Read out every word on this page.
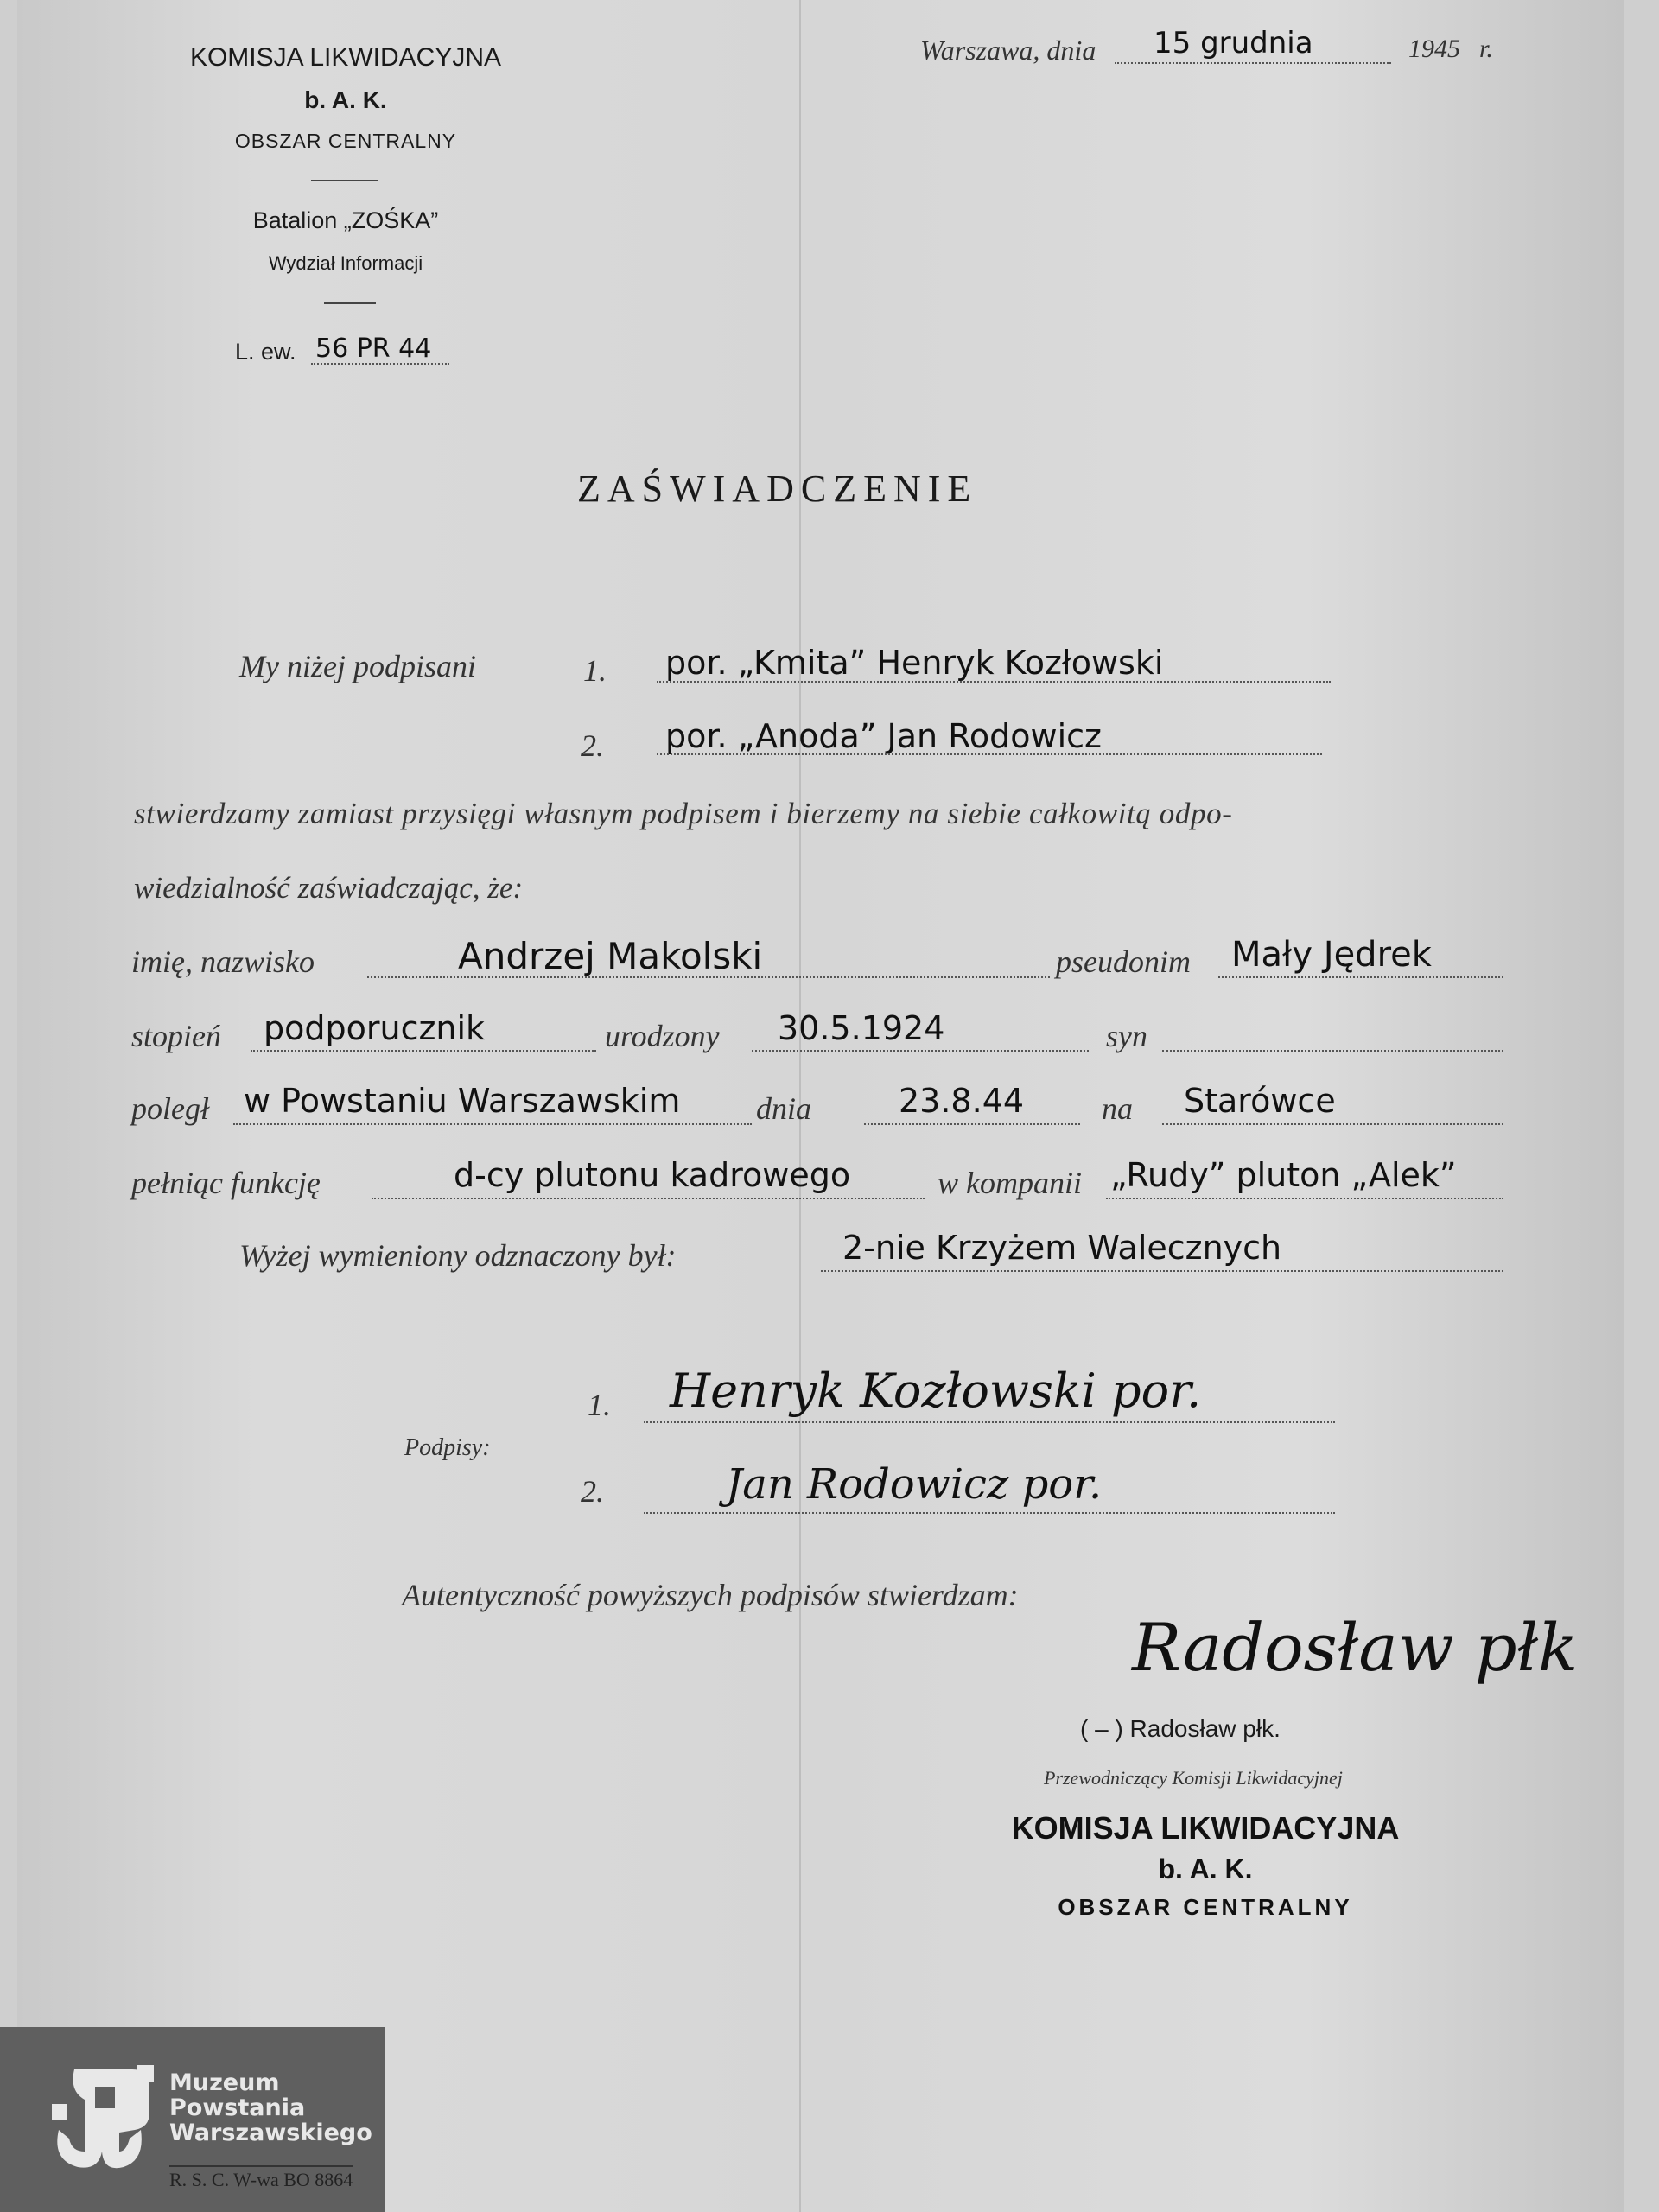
KOMISJA LIKWIDACYJNA
b. A. K.
OBSZAR CENTRALNY
Batalion „ZOŚKA”
Wydział Informacji
L. ew. 56 PR 44
Warszawa, dnia 15 grudnia	1945 r.
ZAŚWIADCZENIE
My niżej podpisani	1. por. „Kmita” Henryk Kozłowski
2. por. „Anoda” Jan Rodowicz
stwierdzamy zamiast przysięgi własnym podpisem i bierzemy na siebie całkowitą odpo-
wiedzialność zaświadczając, że:
imię, nazwisko	Andrzej Makolski	pseudonim Mały Jędrek
stopień podporucznik	urodzony 30.5.1924	syn
poległ w Powstaniu Warszawskim dnia	23.8.44 na Starówce
pełniąc funkcję	d-cy plutonu kadrowego	w kompanii „Rudy” pluton „Alek”
Wyżej wymieniony odznaczony był:	2-nie Krzyżem Walecznych
1. Henryk Kozłowski por.
Podpisy:
2.	Jan Rodowicz por.
Autentyczność powyższych podpisów stwierdzam:
Radosław płk
( – ) Radosław płk.
Przewodniczący Komisji Likwidacyjnej
KOMISJA LIKWIDACYJNA
b. A. K.
OBSZAR CENTRALNY
Muzeum
Powstania
Warszawskiego
R. S. C. W-wa BO 8864
